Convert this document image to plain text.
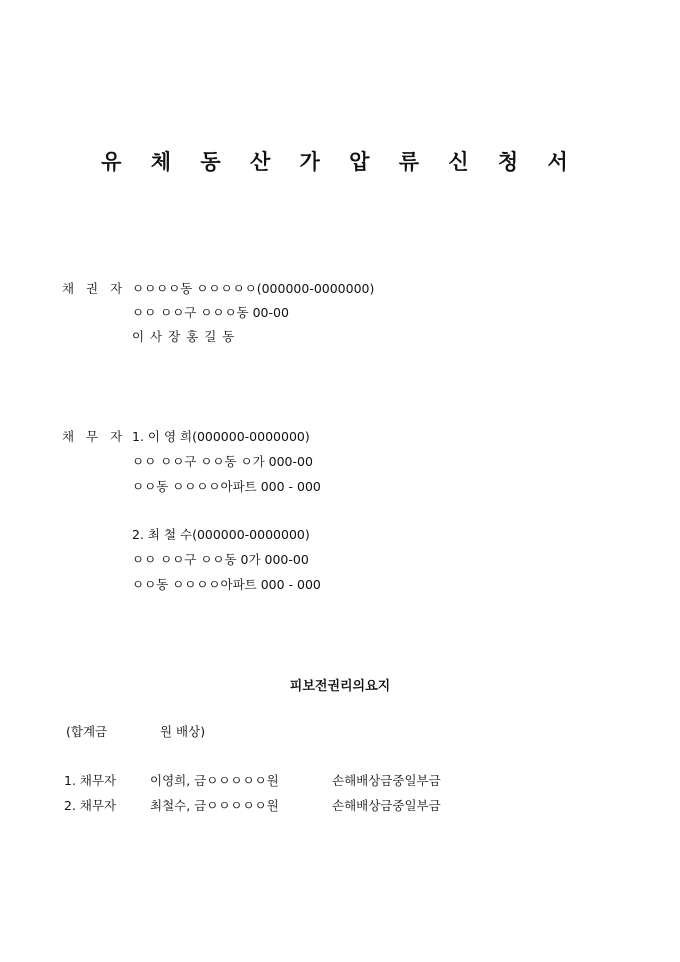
유 체 동 산 가 압 류 신 청 서
채 권 자 ㅇㅇㅇㅇ동 ㅇㅇㅇㅇㅇ(000000-0000000)
ㅇㅇ ㅇㅇ구 ㅇㅇㅇ동 00-00
이 사 장 홍 길 동
채 무 자 1. 이 영 희(000000-0000000)
ㅇㅇ ㅇㅇ구 ㅇㅇ동 ㅇ가 000-00
ㅇㅇ동 ㅇㅇㅇㅇ아파트 000 - 000
2. 최 철 수(000000-0000000)
ㅇㅇ ㅇㅇ구 ㅇㅇ동 0가 000-00
ㅇㅇ동 ㅇㅇㅇㅇ아파트 000 - 000
피보전권리의요지
(합계금	원 배상)
1. 채무자	이영희, 금ㅇㅇㅇㅇㅇ원	손해배상금중일부금
2. 채무자	최철수, 금ㅇㅇㅇㅇㅇ원	손해배상금중일부금
